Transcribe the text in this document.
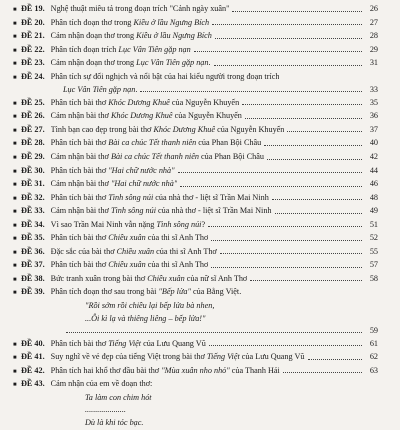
■ ĐỀ 19. Nghệ thuật miêu tả trong đoạn trích "Cảnh ngày xuân"	26
■ ĐỀ 20. Phân tích đoạn thơ trong Kiều ở lầu Ngưng Bích	27
■ ĐỀ 21. Cảm nhận đoạn thơ trong Kiều ở lầu Ngưng Bích	28
■ ĐỀ 22. Phân tích đoạn trích Lục Vân Tiên gặp nạn	29
■ ĐỀ 23. Cảm nhận đoạn thơ trong Lục Vân Tiên gặp nạn.	31
■ ĐỀ 24. Phân tích sự đối nghịch và nổi bật của hai kiểu người trong đoạn trích
Lục Vân Tiên gặp nạn.	33
■ ĐỀ 25. Phân tích bài thơ Khóc Dương Khuê của Nguyễn Khuyến	35
■ ĐỀ 26. Cảm nhận bài thơ Khóc Dương Khuê của Nguyễn Khuyến	36
■ ĐỀ 27. Tình bạn cao đẹp trong bài thơ Khóc Dương Khuê của Nguyễn Khuyến	37
■ ĐỀ 28. Phân tích bài thơ Bài ca chúc Tết thanh niên của Phan Bội Châu	40
■ ĐỀ 29. Cảm nhận bài thơ Bài ca chúc Tết thanh niên của Phan Bội Châu	42
■ ĐỀ 30. Phân tích bài thơ "Hai chữ nước nhà"	44
■ ĐỀ 31. Cảm nhận bài thơ "Hai chữ nước nhà"	46
■ ĐỀ 32. Phân tích bài thơ Tình sông núi của nhà thơ - liệt sĩ Trần Mai Ninh	48
■ ĐỀ 33. Cảm nhận bài thơ Tình sông núi của nhà thơ - liệt sĩ Trần Mai Ninh	49
■ ĐỀ 34. Vì sao Trần Mai Ninh vẫn nặng Tình sông núi?	51
■ ĐỀ 35. Phân tích bài thơ Chiều xuân của thi sĩ Anh Thơ	52
■ ĐỀ 36. Đặc sắc của bài thơ Chiều xuân của thi sĩ Anh Thơ	55
■ ĐỀ 37. Phân tích bài thơ Chiều xuân của thi sĩ Anh Thơ	57
■ ĐỀ 38. Bức tranh xuân trong bài thơ Chiều xuân của nữ sĩ Anh Thơ	58
■ ĐỀ 39. Phân tích đoạn thơ sau trong bài "Bếp lửa" của Bằng Việt.
"Rồi sớm rồi chiều lại bếp lửa bà nhen,
...Ôi kì lạ và thiêng liêng – bếp lửa!"
59
■ ĐỀ 40. Phân tích bài thơ Tiếng Việt của Lưu Quang Vũ	61
■ ĐỀ 41. Suy nghĩ về vẻ đẹp của tiếng Việt trong bài thơ Tiếng Việt của Lưu Quang Vũ	62
■ ĐỀ 42. Phân tích hai khổ thơ đầu bài thơ "Mùa xuân nho nhỏ" của Thanh Hải	63
■ ĐỀ 43. Cảm nhận của em về đoạn thơ:
Ta làm con chim hót
....................
Dù là khi tóc bạc.
